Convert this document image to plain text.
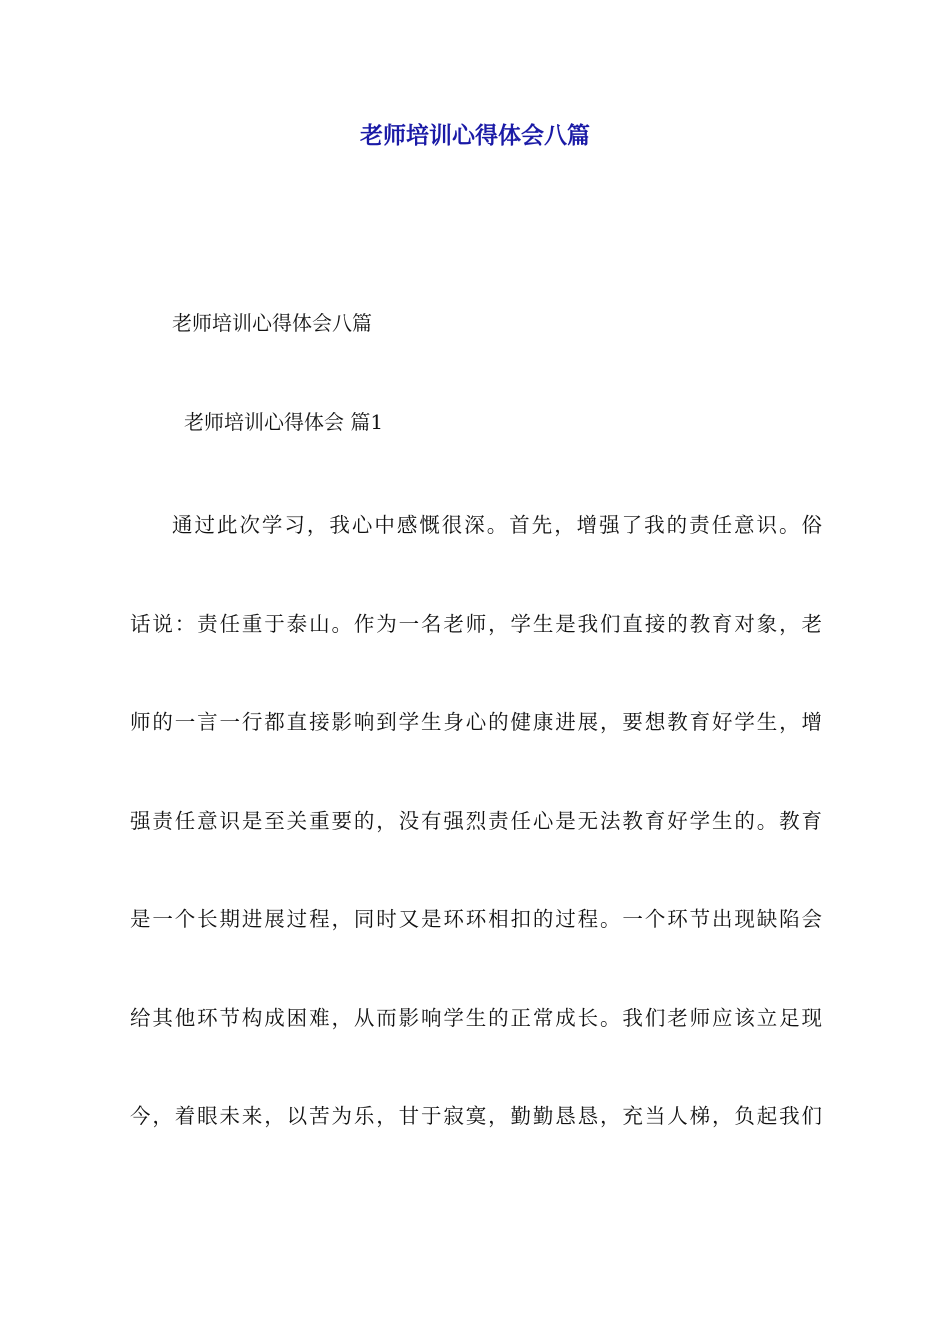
老师培训心得体会八篇

老师培训心得体会八篇

老师培训心得体会 篇1

通过此次学习，我心中感慨很深。首先，增强了我的责任意识。俗
话说：责任重于泰山。作为一名老师，学生是我们直接的教育对象，老
师的一言一行都直接影响到学生身心的健康进展，要想教育好学生，增
强责任意识是至关重要的，没有强烈责任心是无法教育好学生的。教育
是一个长期进展过程，同时又是环环相扣的过程。一个环节出现缺陷会
给其他环节构成困难，从而影响学生的正常成长。我们老师应该立足现
今，着眼未来，以苦为乐，甘于寂寞，勤勤恳恳，充当人梯，负起我们
